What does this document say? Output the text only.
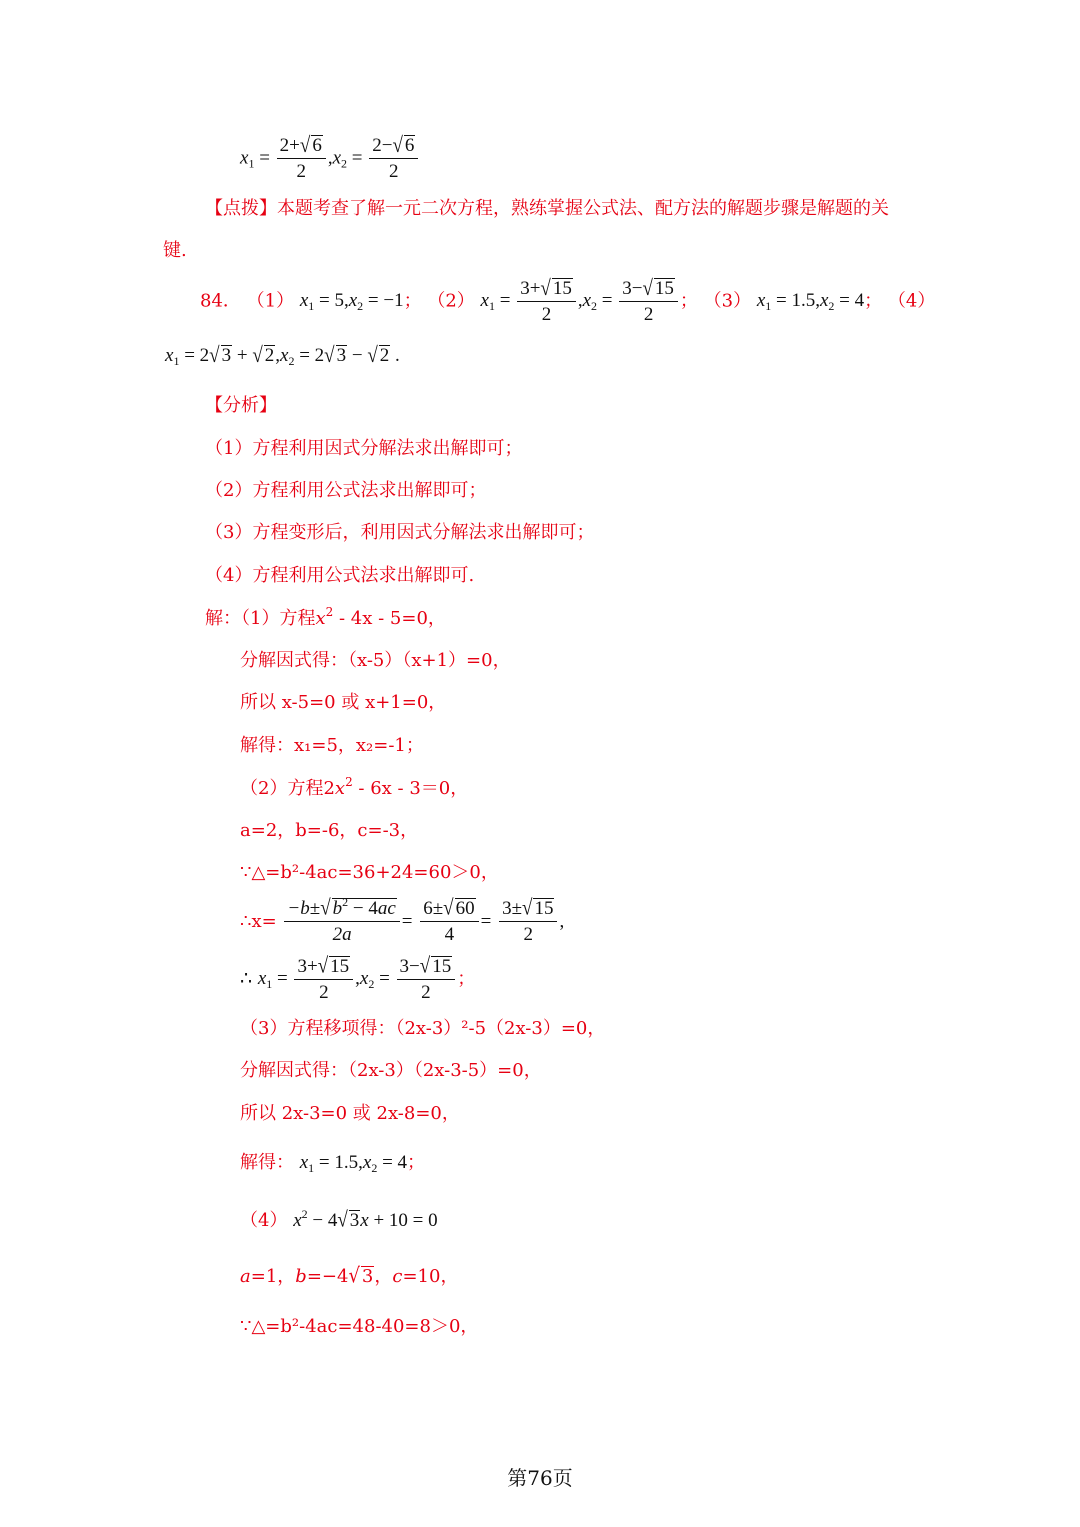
$x_1 = \frac{2+√ 6}{2} ,x_2 = \frac{2-√ 6}{2}$
【点拨】本题考查了解一元二次方程，熟练掌握公式法、配方法的解题步骤是解题的关
键.
84． （1） $x_1 = 5,x_2 = -1$； （2） $x_1 = \frac{3+√ 15}{2} ,x_2 = \frac{3-√ 15}{2}$ ； （3） $x_1 = 1.5,x_2 = 4$； （4）
$x_1 = 2√$ 3 + √ $2,x_2 = 2√$ 3 − √ 2 .
【分析】
（1）方程利用因式分解法求出解即可；
（2）方程利用公式法求出解即可；
（3）方程变形后，利用因式分解法求出解即可；
（4）方程利用公式法求出解即可.
解：（1）方程$x^2 - 4x - 5=0$，
分解因式得：（x-5）（x+1）=0，
所以 x-5=0 或 x+1=0，
解得：x₁=5，x₂=-1；
（2）方程$2x^2 - 6x - 3=0$，
a=2，b=-6，c=-3，
∵△=b²-4ac=36+24=60＞0，
∴x= $\frac{-b\pm√ b^2 - 4ac}{2a} = \frac{6\pm√ 60}{4} = \frac{3\pm√ 15}{2}$ ,
∴ $x_1 = \frac{3+√ 15}{2} ,x_2 = \frac{3-√ 15}{2}$ ；
（3）方程移项得：（2x-3）²-5（2x-3）=0，
分解因式得：（2x-3）（2x-3-5）=0，
所以 2x-3=0 或 2x-8=0，
解得： $x_1 = 1.5,x_2 = 4$；
（4） $x^2 - 4√$ 3x + 10 = 0
a=1，b=−4√ 3，c=10，
∵△=b²-4ac=48-40=8＞0，
第76页
